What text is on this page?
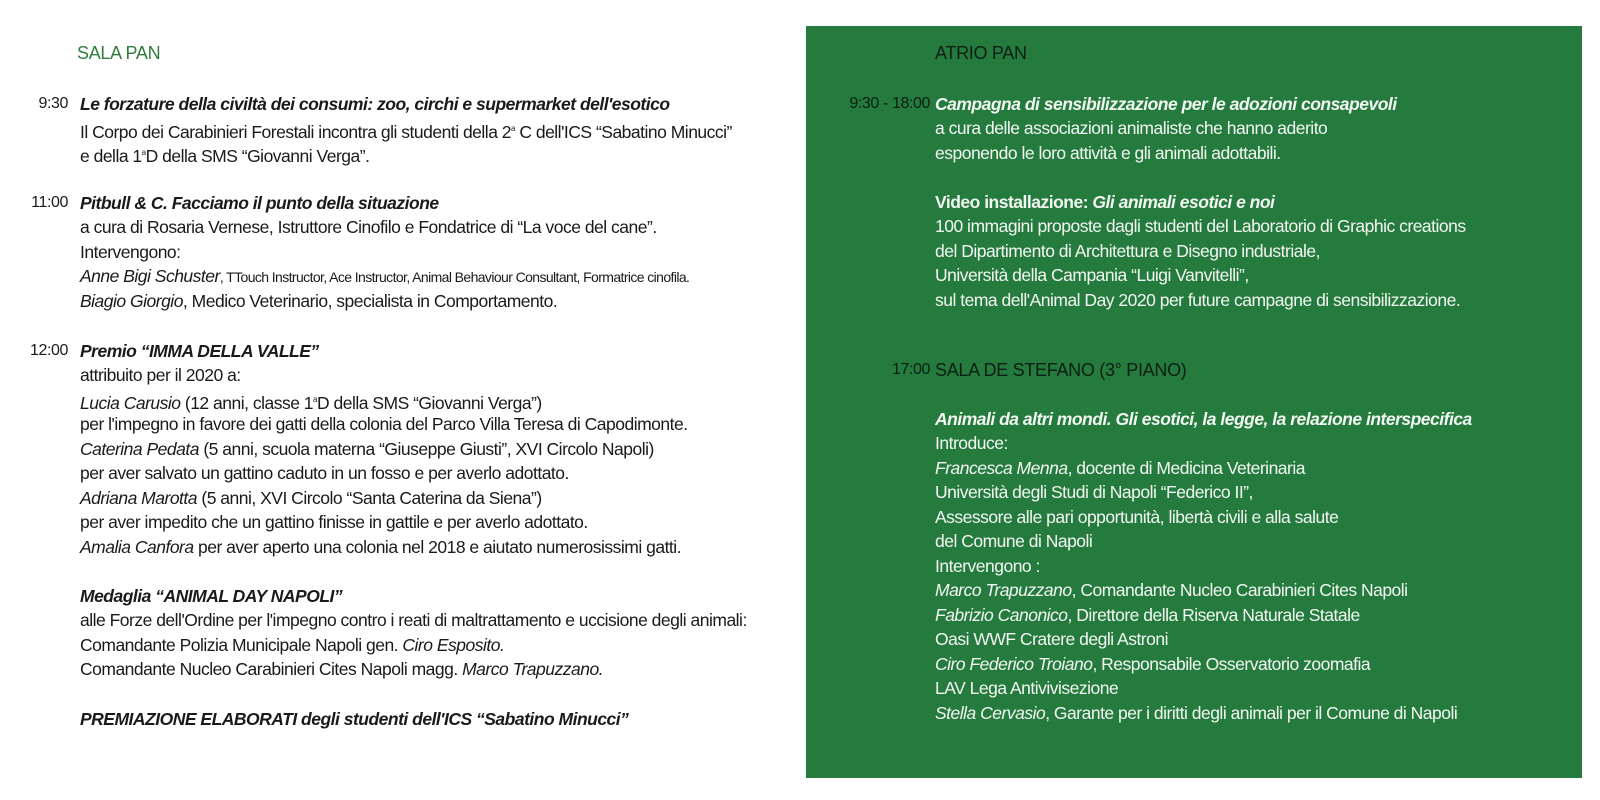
SALA PAN
9:30 Le forzature della civiltà dei consumi: zoo, circhi e supermarket dell'esotico
Il Corpo dei Carabinieri Forestali incontra gli studenti della 2$^a$ C dell'ICS “Sabatino Minucci”
e della 1$^a$D della SMS “Giovanni Verga”.
11:00 Pitbull & C. Facciamo il punto della situazione
a cura di Rosaria Vernese, Istruttore Cinofilo e Fondatrice di “La voce del cane”.
Intervengono:
Anne Bigi Schuster, TTouch Instructor, Ace Instructor, Animal Behaviour Consultant, Formatrice cinofila.
Biagio Giorgio, Medico Veterinario, specialista in Comportamento.
12:00 Premio “IMMA DELLA VALLE”
attribuito per il 2020 a:
Lucia Carusio (12 anni, classe 1$^a$D della SMS “Giovanni Verga”)
per l'impegno in favore dei gatti della colonia del Parco Villa Teresa di Capodimonte.
Caterina Pedata (5 anni, scuola materna “Giuseppe Giusti”, XVI Circolo Napoli)
per aver salvato un gattino caduto in un fosso e per averlo adottato.
Adriana Marotta (5 anni, XVI Circolo “Santa Caterina da Siena”)
per aver impedito che un gattino finisse in gattile e per averlo adottato.
Amalia Canfora per aver aperto una colonia nel 2018 e aiutato numerosissimi gatti.
Medaglia “ANIMAL DAY NAPOLI”
alle Forze dell'Ordine per l'impegno contro i reati di maltrattamento e uccisione degli animali:
Comandante Polizia Municipale Napoli gen. Ciro Esposito.
Comandante Nucleo Carabinieri Cites Napoli magg. Marco Trapuzzano.
PREMIAZIONE ELABORATI degli studenti dell'ICS “Sabatino Minucci”
ATRIO PAN
9:30 - 18:00 Campagna di sensibilizzazione per le adozioni consapevoli
a cura delle associazioni animaliste che hanno aderito
esponendo le loro attività e gli animali adottabili.
Video installazione: Gli animali esotici e noi
100 immagini proposte dagli studenti del Laboratorio di Graphic creations
del Dipartimento di Architettura e Disegno industriale,
Università della Campania “Luigi Vanvitelli”,
sul tema dell'Animal Day 2020 per future campagne di sensibilizzazione.
17:00 SALA DE STEFANO (3° PIANO)
Animali da altri mondi. Gli esotici, la legge, la relazione interspecifica
Introduce:
Francesca Menna, docente di Medicina Veterinaria
Università degli Studi di Napoli “Federico II”,
Assessore alle pari opportunità, libertà civili e alla salute
del Comune di Napoli
Intervengono :
Marco Trapuzzano, Comandante Nucleo Carabinieri Cites Napoli
Fabrizio Canonico, Direttore della Riserva Naturale Statale
Oasi WWF Cratere degli Astroni
Ciro Federico Troiano, Responsabile Osservatorio zoomafia
LAV Lega Antivivisezione
Stella Cervasio, Garante per i diritti degli animali per il Comune di Napoli
